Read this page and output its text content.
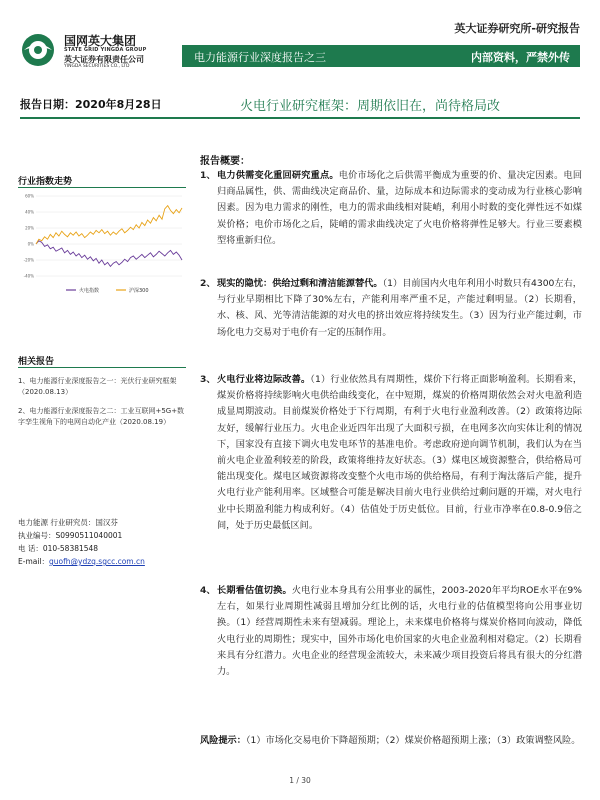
国网英大集团
STATE GRID YINGDA GROUP
英大证券有限责任公司
YINGDA SECURITIES CO., LTD
英大证券研究所-研究报告
电力能源行业深度报告之三	内部资料，严禁外传
报告日期：2020年8月28日	火电行业研究框架：周期依旧在，尚待格局改
行业指数走势
60%
40%
20%
0%
-20%
-40%
火电指数	沪深300
相关报告
1、电力能源行业深度报告之一：光伏行业研究框架（2020.08.13）
2、电力能源行业深度报告之二：工业互联网+5G+数字孪生视角下的电网自动化产业（2020.08.19）
电力能源 行业研究员：国汉芬
执业编号：S0990511040001
电 话：010-58381548
E-mail：guofh@ydzq.sgcc.com.cn
报告概要：
1、 电力供需变化重回研究重点。电价市场化之后供需平衡成为重要的价、量决定因素。电回归商品属性，供、需曲线决定商品价、量，边际成本和边际需求的变动成为行业核心影响因素。因为电力需求的刚性，电力的需求曲线相对陡峭，利用小时数的变化弹性远不如煤炭价格；电价市场化之后，陡峭的需求曲线决定了火电价格将弹性足够大。行业三要素模型将重新归位。
2、 现实的隐忧：供给过剩和清洁能源替代。（1）目前国内火电年利用小时数只有4300左右，与行业早期相比下降了30%左右，产能利用率严重不足，产能过剩明显。（2）长期看，水、核、风、光等清洁能源的对火电的挤出效应将持续发生。（3）因为行业产能过剩，市场化电力交易对于电价有一定的压制作用。
3、 火电行业将边际改善。（1）行业依然具有周期性，煤价下行将正面影响盈利。长期看来，煤炭价格将持续影响火电供给曲线变化，在中短期，煤炭的价格周期依然会对火电盈利造成显周期波动。目前煤炭价格处于下行周期，有利于火电行业盈利改善。（2）政策将边际友好，缓解行业压力。火电企业近四年出现了大面积亏损，在电网多次向实体让利的情况下，国家没有直接下调火电发电环节的基准电价。考虑政府逆向调节机制，我们认为在当前火电企业盈利较差的阶段，政策将维持友好状态。（3）煤电区域资源整合，供给格局可能出现变化。煤电区域资源将改变整个火电市场的供给格局，有利于淘汰落后产能，提升火电行业产能利用率。区域整合可能是解决目前火电行业供给过剩问题的开端，对火电行业中长期盈利能力构成利好。（4）估值处于历史低位。目前，行业市净率在0.8-0.9倍之间，处于历史最低区间。
4、 长期看估值切换。火电行业本身具有公用事业的属性，2003-2020年平均ROE水平在9%左右，如果行业周期性减弱且增加分红比例的话，火电行业的估值模型将向公用事业切换。（1）经营周期性未来有望减弱。理论上，未来煤电价格将与煤炭价格同向波动，降低火电行业的周期性；现实中，国外市场化电价国家的火电企业盈利相对稳定。（2）长期看来具有分红潜力。火电企业的经营现金流较大，未来减少项目投资后将具有很大的分红潜力。
风险提示：（1）市场化交易电价下降超预期；（2）煤炭价格超预期上涨；（3）政策调整风险。
1 / 30
